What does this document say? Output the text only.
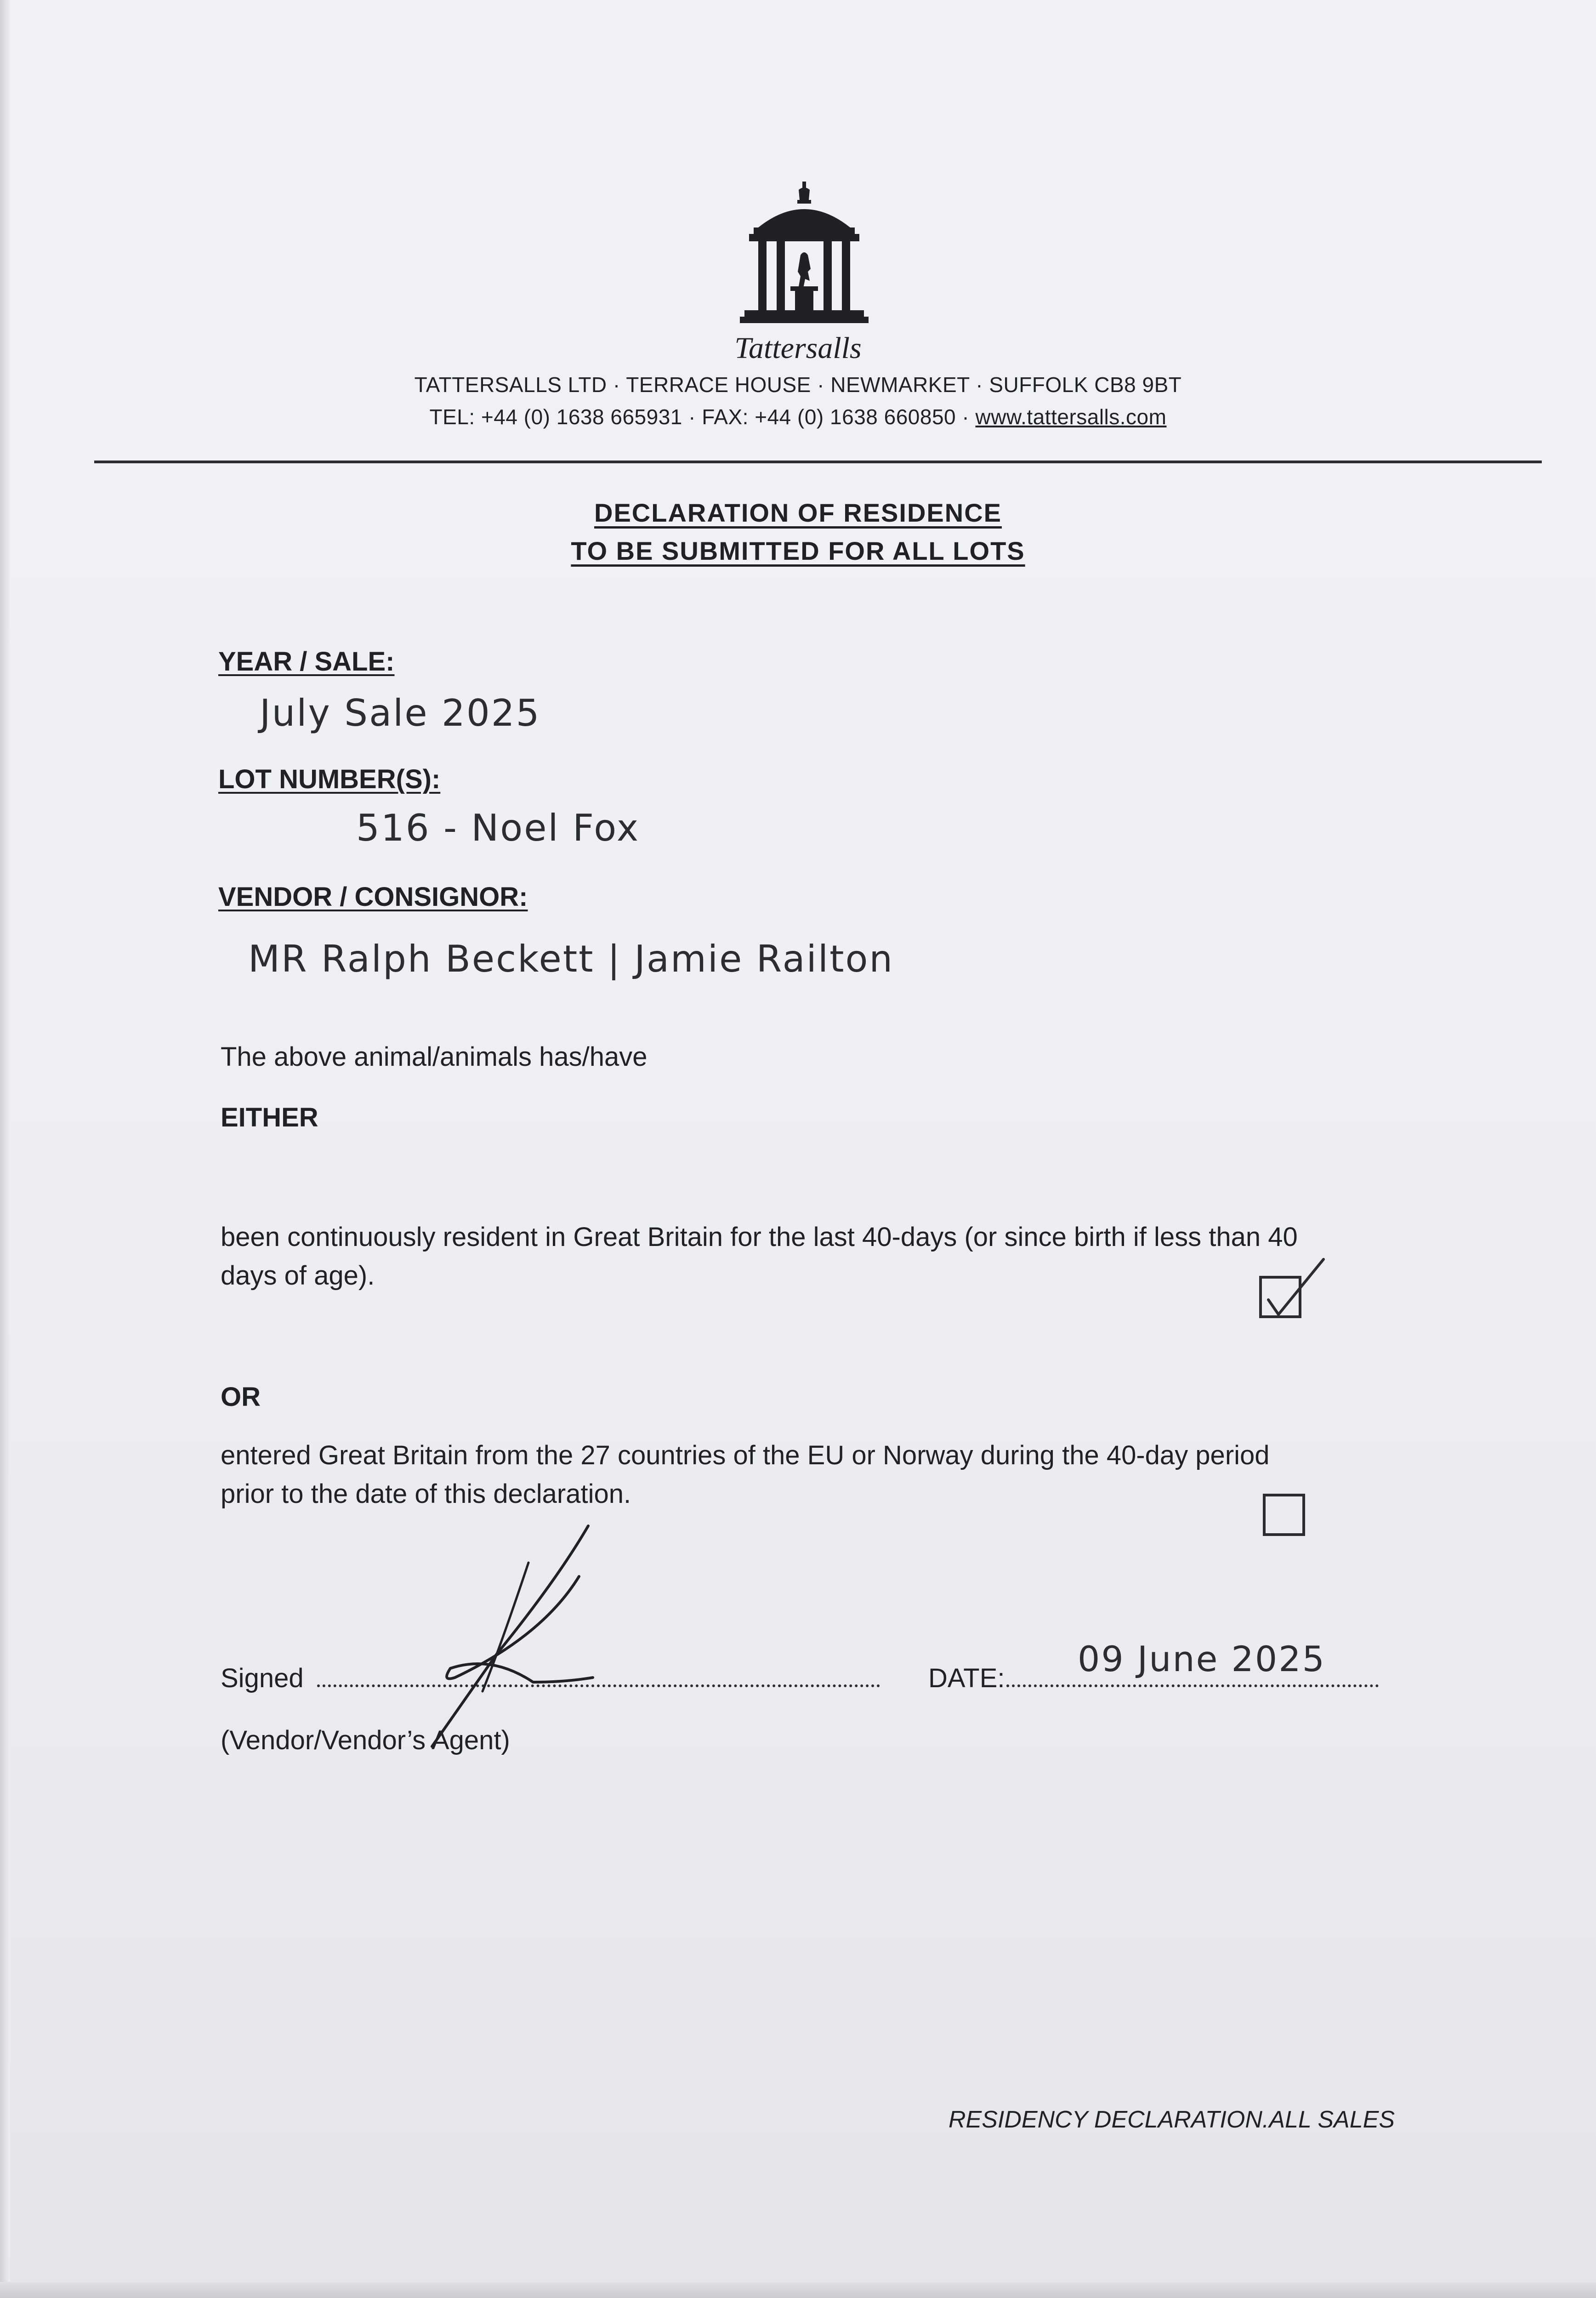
Tattersalls
TATTERSALLS LTD · TERRACE HOUSE · NEWMARKET · SUFFOLK CB8 9BT
TEL: +44 (0) 1638 665931 · FAX: +44 (0) 1638 660850 · www.tattersalls.com
DECLARATION OF RESIDENCE
TO BE SUBMITTED FOR ALL LOTS
YEAR / SALE:
July Sale 2025
LOT NUMBER(S):
516 - Noel Fox
VENDOR / CONSIGNOR:
MR Ralph Beckett | Jamie Railton
The above animal/animals has/have
EITHER
been continuously resident in Great Britain for the last 40-days (or since birth if less than 40
days of age).
OR
entered Great Britain from the 27 countries of the EU or Norway during the 40-day period
prior to the date of this declaration.
Signed
(Vendor/Vendor’s Agent)
DATE:	09 June 2025
RESIDENCY DECLARATION.ALL SALES
